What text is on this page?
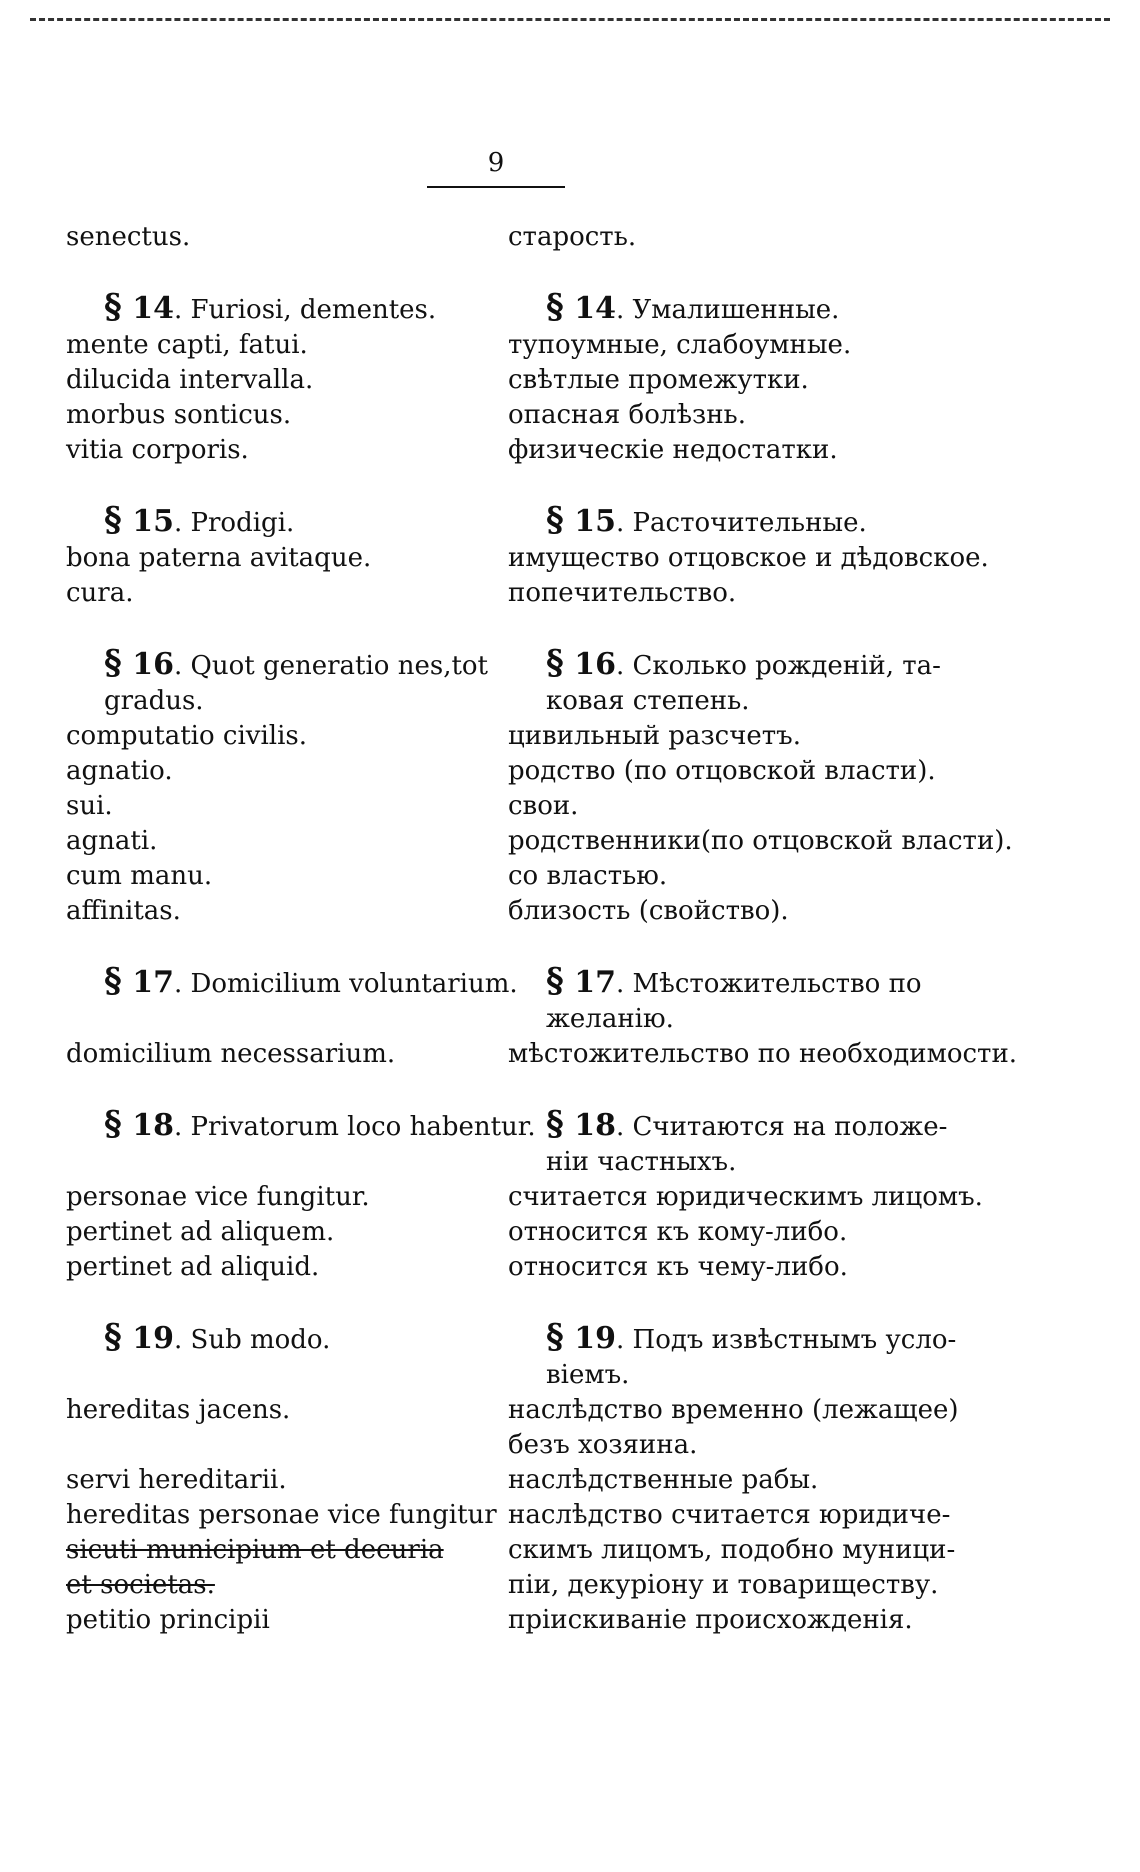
9
senectus.
§ 14. Furiosi, dementes.
mente capti, fatui.
dilucida intervalla.
morbus sonticus.
vitia corporis.
§ 15. Prodigi.
bona paterna avitaque.
cura.
§ 16. Quot generatio nes,tot
gradus.
computatio civilis.
agnatio.
sui.
agnati.
cum manu.
affinitas.
§ 17. Domicilium voluntarium.

domicilium necessarium.
§ 18. Privatorum loco habentur.

personae vice fungitur.
pertinet ad aliquem.
pertinet ad aliquid.
§ 19. Sub modo.

hereditas jacens.

servi hereditarii.
hereditas personae vice fungitur
sicuti municipium et decuria
et societas.
petitio principii
старость.
§ 14. Умалишенные.
тупоумные, слабоумные.
свѣтлые промежутки.
опасная болѣзнь.
физическіе недостатки.
§ 15. Расточительные.
имущество отцовское и дѣдовское.
попечительство.
§ 16. Сколько рожденій, та-
ковая степень.
цивильный разсчетъ.
родство (по отцовской власти).
свои.
родственники(по отцовской власти).
со властью.
близость (свойство).
§ 17. Мѣстожительство по
желанію.
мѣстожительство по необходимости.
§ 18. Считаются на положе-
ніи частныхъ.
считается юридическимъ лицомъ.
относится къ кому-либо.
относится къ чему-либо.
§ 19. Подъ извѣстнымъ усло-
віемъ.
наслѣдство временно (лежащее)
безъ хозяина.
наслѣдственные рабы.
наслѣдство считается юридиче-
скимъ лицомъ, подобно муници-
піи, декуріону и товариществу.
пріискиваніе происхожденія.
